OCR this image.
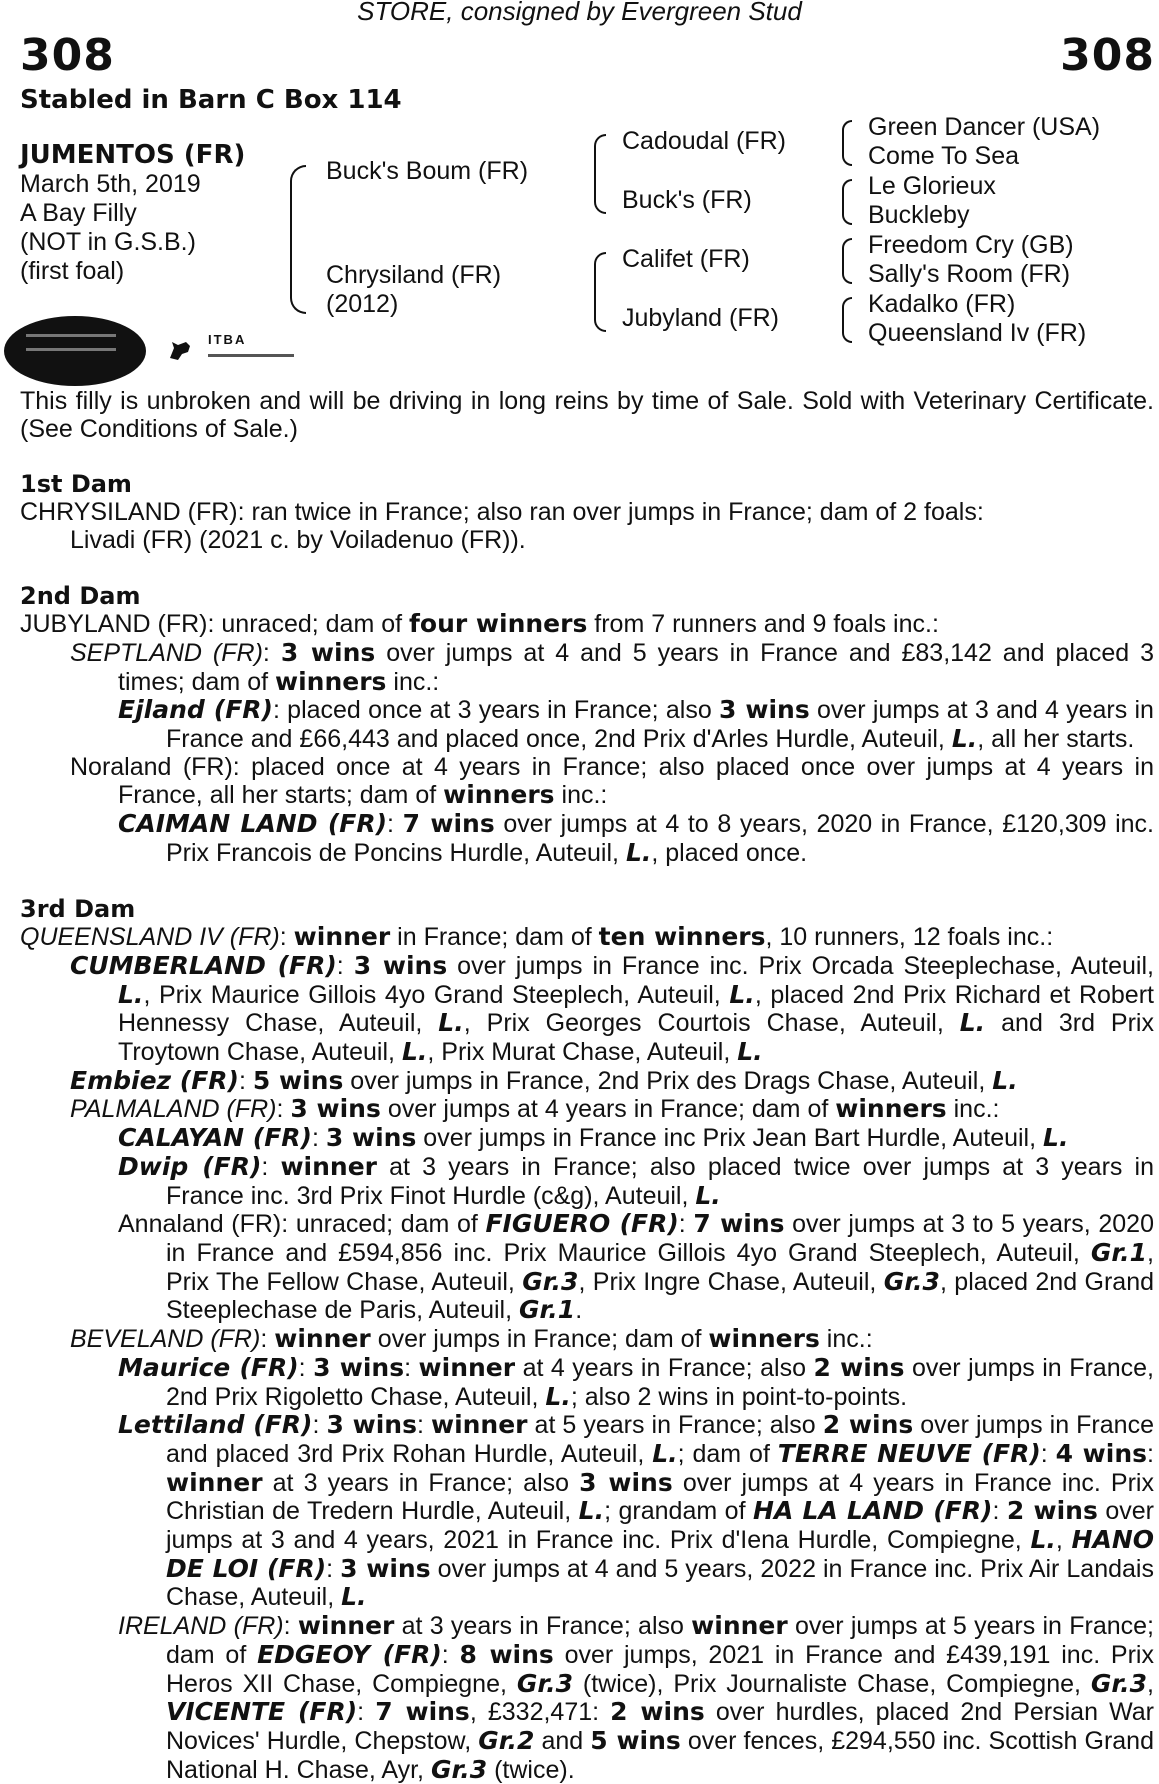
STORE, consigned by Evergreen Stud
308	308
Stabled in Barn C Box 114
JUMENTOS (FR)
March 5th, 2019
A Bay Filly
(NOT in G.S.B.)
(first foal)
Buck's Boum (FR)
Chrysiland (FR)
(2012)
Cadoudal (FR)
Buck's (FR)
Califet (FR)
Jubyland (FR)
Green Dancer (USA)
Come To Sea
Le Glorieux
Buckleby
Freedom Cry (GB)
Sally's Room (FR)
Kadalko (FR)
Queensland Iv (FR)
ITBA
This filly is unbroken and will be driving in long reins by time of Sale. Sold with Veterinary Certificate. (See Conditions of Sale.)
1st Dam
CHRYSILAND (FR): ran twice in France; also ran over jumps in France; dam of 2 foals:
Livadi (FR) (2021 c. by Voiladenuo (FR)).
2nd Dam
JUBYLAND (FR): unraced; dam of four winners from 7 runners and 9 foals inc.:
SEPTLAND (FR): 3 wins over jumps at 4 and 5 years in France and £83,142 and placed 3 times; dam of winners inc.:
Ejland (FR): placed once at 3 years in France; also 3 wins over jumps at 3 and 4 years in France and £66,443 and placed once, 2nd Prix d'Arles Hurdle, Auteuil, L., all her starts.
Noraland (FR): placed once at 4 years in France; also placed once over jumps at 4 years in France, all her starts; dam of winners inc.:
CAIMAN LAND (FR): 7 wins over jumps at 4 to 8 years, 2020 in France, £120,309 inc. Prix Francois de Poncins Hurdle, Auteuil, L., placed once.
3rd Dam
QUEENSLAND IV (FR): winner in France; dam of ten winners, 10 runners, 12 foals inc.:
CUMBERLAND (FR): 3 wins over jumps in France inc. Prix Orcada Steeplechase, Auteuil, L., Prix Maurice Gillois 4yo Grand Steeplech, Auteuil, L., placed 2nd Prix Richard et Robert Hennessy Chase, Auteuil, L., Prix Georges Courtois Chase, Auteuil, L. and 3rd Prix Troytown Chase, Auteuil, L., Prix Murat Chase, Auteuil, L.
Embiez (FR): 5 wins over jumps in France, 2nd Prix des Drags Chase, Auteuil, L.
PALMALAND (FR): 3 wins over jumps at 4 years in France; dam of winners inc.:
CALAYAN (FR): 3 wins over jumps in France inc Prix Jean Bart Hurdle, Auteuil, L.
Dwip (FR): winner at 3 years in France; also placed twice over jumps at 3 years in France inc. 3rd Prix Finot Hurdle (c&g), Auteuil, L.
Annaland (FR): unraced; dam of FIGUERO (FR): 7 wins over jumps at 3 to 5 years, 2020 in France and £594,856 inc. Prix Maurice Gillois 4yo Grand Steeplech, Auteuil, Gr.1, Prix The Fellow Chase, Auteuil, Gr.3, Prix Ingre Chase, Auteuil, Gr.3, placed 2nd Grand Steeplechase de Paris, Auteuil, Gr.1.
BEVELAND (FR): winner over jumps in France; dam of winners inc.:
Maurice (FR): 3 wins: winner at 4 years in France; also 2 wins over jumps in France, 2nd Prix Rigoletto Chase, Auteuil, L.; also 2 wins in point-to-points.
Lettiland (FR): 3 wins: winner at 5 years in France; also 2 wins over jumps in France and placed 3rd Prix Rohan Hurdle, Auteuil, L.; dam of TERRE NEUVE (FR): 4 wins: winner at 3 years in France; also 3 wins over jumps at 4 years in France inc. Prix Christian de Tredern Hurdle, Auteuil, L.; grandam of HA LA LAND (FR): 2 wins over jumps at 3 and 4 years, 2021 in France inc. Prix d'Iena Hurdle, Compiegne, L., HANO DE LOI (FR): 3 wins over jumps at 4 and 5 years, 2022 in France inc. Prix Air Landais Chase, Auteuil, L.
IRELAND (FR): winner at 3 years in France; also winner over jumps at 5 years in France; dam of EDGEOY (FR): 8 wins over jumps, 2021 in France and £439,191 inc. Prix Heros XII Chase, Compiegne, Gr.3 (twice), Prix Journaliste Chase, Compiegne, Gr.3, VICENTE (FR): 7 wins, £332,471: 2 wins over hurdles, placed 2nd Persian War Novices' Hurdle, Chepstow, Gr.2 and 5 wins over fences, £294,550 inc. Scottish Grand National H. Chase, Ayr, Gr.3 (twice).
